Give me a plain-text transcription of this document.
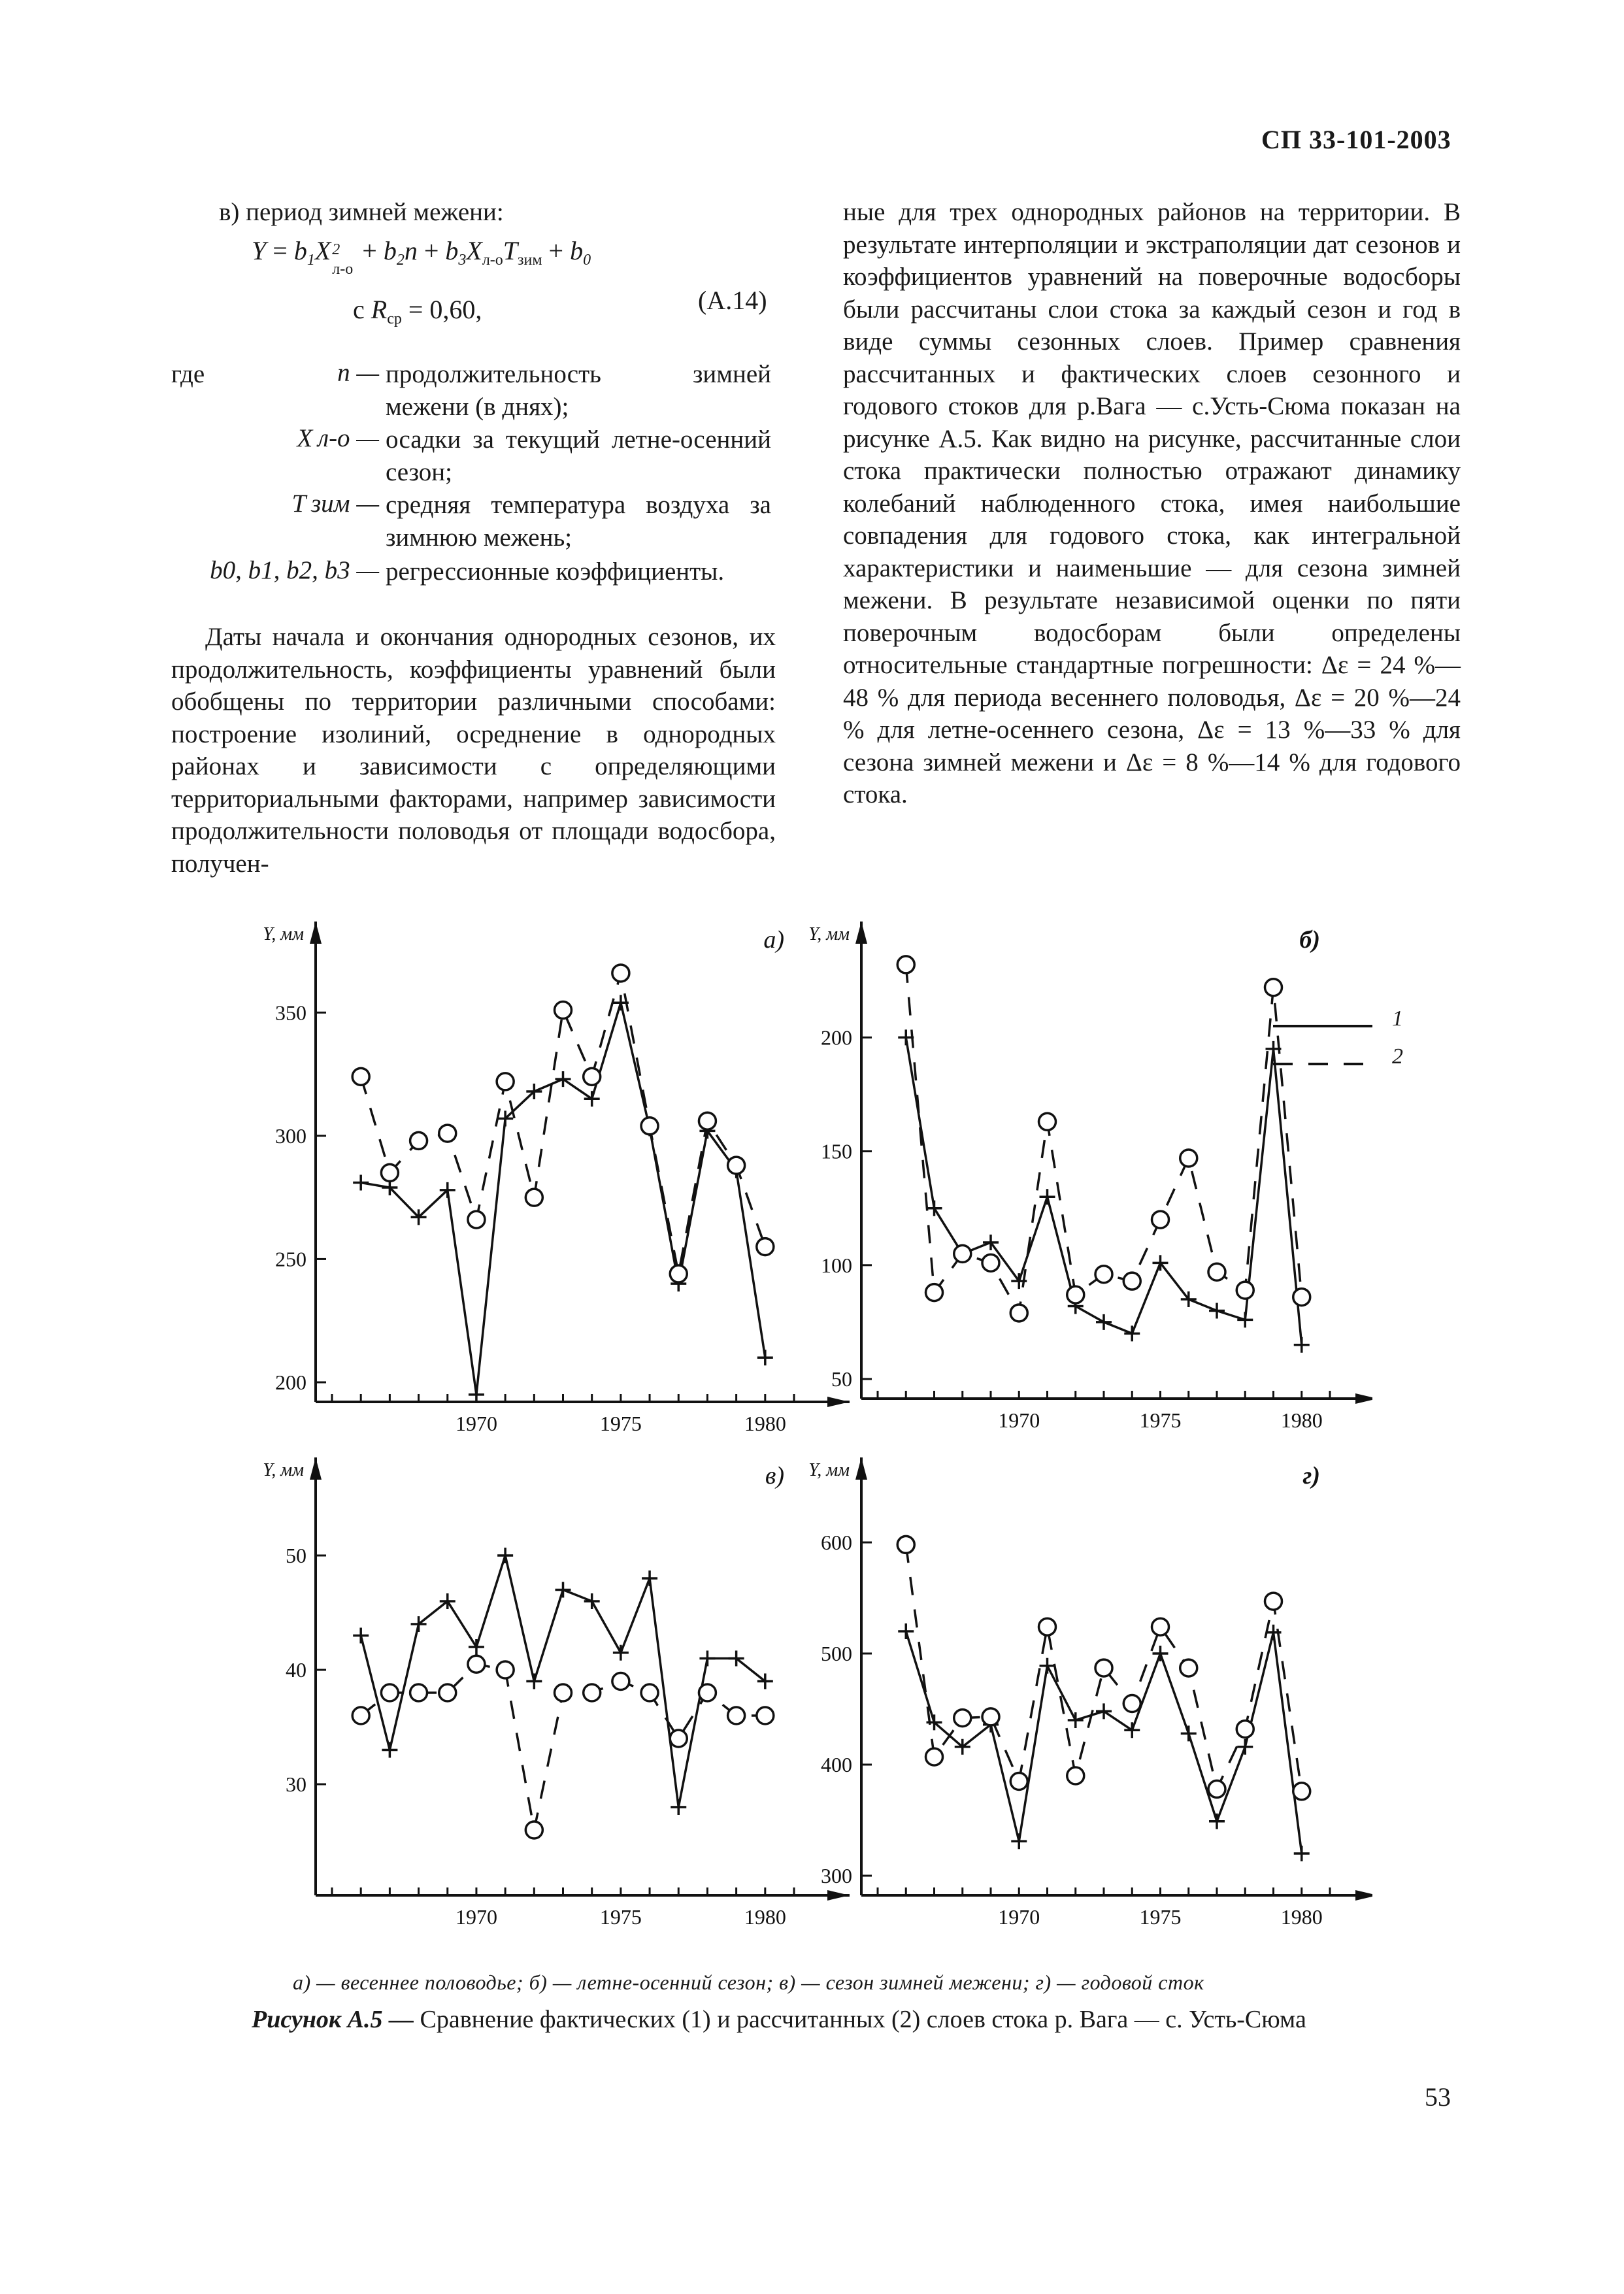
СП 33-101-2003

в) период зимней межени:

$Y = b_1X$ 2
л-о
+ $b_2n + b_3X_{л-о}T_{зим} + b_0$
с $R_{ср} = 0,60$,	(А.14)
где	n — продолжительность зимней межени (в днях);
X л-о — осадки за текущий летне-осенний сезон;
T зим — средняя температура воздуха за зимнюю межень;
b0, b1, b2, b3 — регрессионные коэффициенты.

Даты начала и окончания однородных сезонов, их продолжительность, коэффициенты уравнений были обобщены по территории различными способами: построение изолиний, осреднение в однородных районах и зависимости с определяющими территориальными факторами, например зависимости продолжительности половодья от площади водосбора, получен-

ные для трех однородных районов на территории. В результате интерполяции и экстраполяции дат сезонов и коэффициентов уравнений на поверочные водосборы были рассчитаны слои стока за каждый сезон и год в виде суммы сезонных слоев. Пример сравнения рассчитанных и фактических слоев сезонного и годового стоков для р.Вага — с.Усть-Сюма показан на рисунке А.5. Как видно на рисунке, рассчитанные слои стока практически полностью отражают динамику колебаний наблюденного стока, имея наибольшие совпадения для годового стока, как интегральной характеристики и наименьшие — для сезона зимней межени. В результате независимой оценки по пяти поверочным водосборам были определены относительные стандартные погрешности: Δε = 24 %—48 % для периода весеннего половодья, Δε = 20 %—24 % для летне-осеннего сезона, Δε = 13 %—33 % для сезона зимней межени и Δε = 8 %—14 % для годового стока.

200
250
300
350
1970	1975	1980
Y, мм	а)
50
100
150
200
1970	1975	1980
Y, мм	б)
30
40
50
1970	1975	1980
Y, мм	в)
300
400
500
600
1970	1975	1980
Y, мм	г)
1
2
а) — весеннее половодье; б) — летне-осенний сезон; в) — сезон зимней межени; г) — годовой сток
Рисунок А.5 — Сравнение фактических (1) и рассчитанных (2) слоев стока р. Вага — с. Усть-Сюма
53
